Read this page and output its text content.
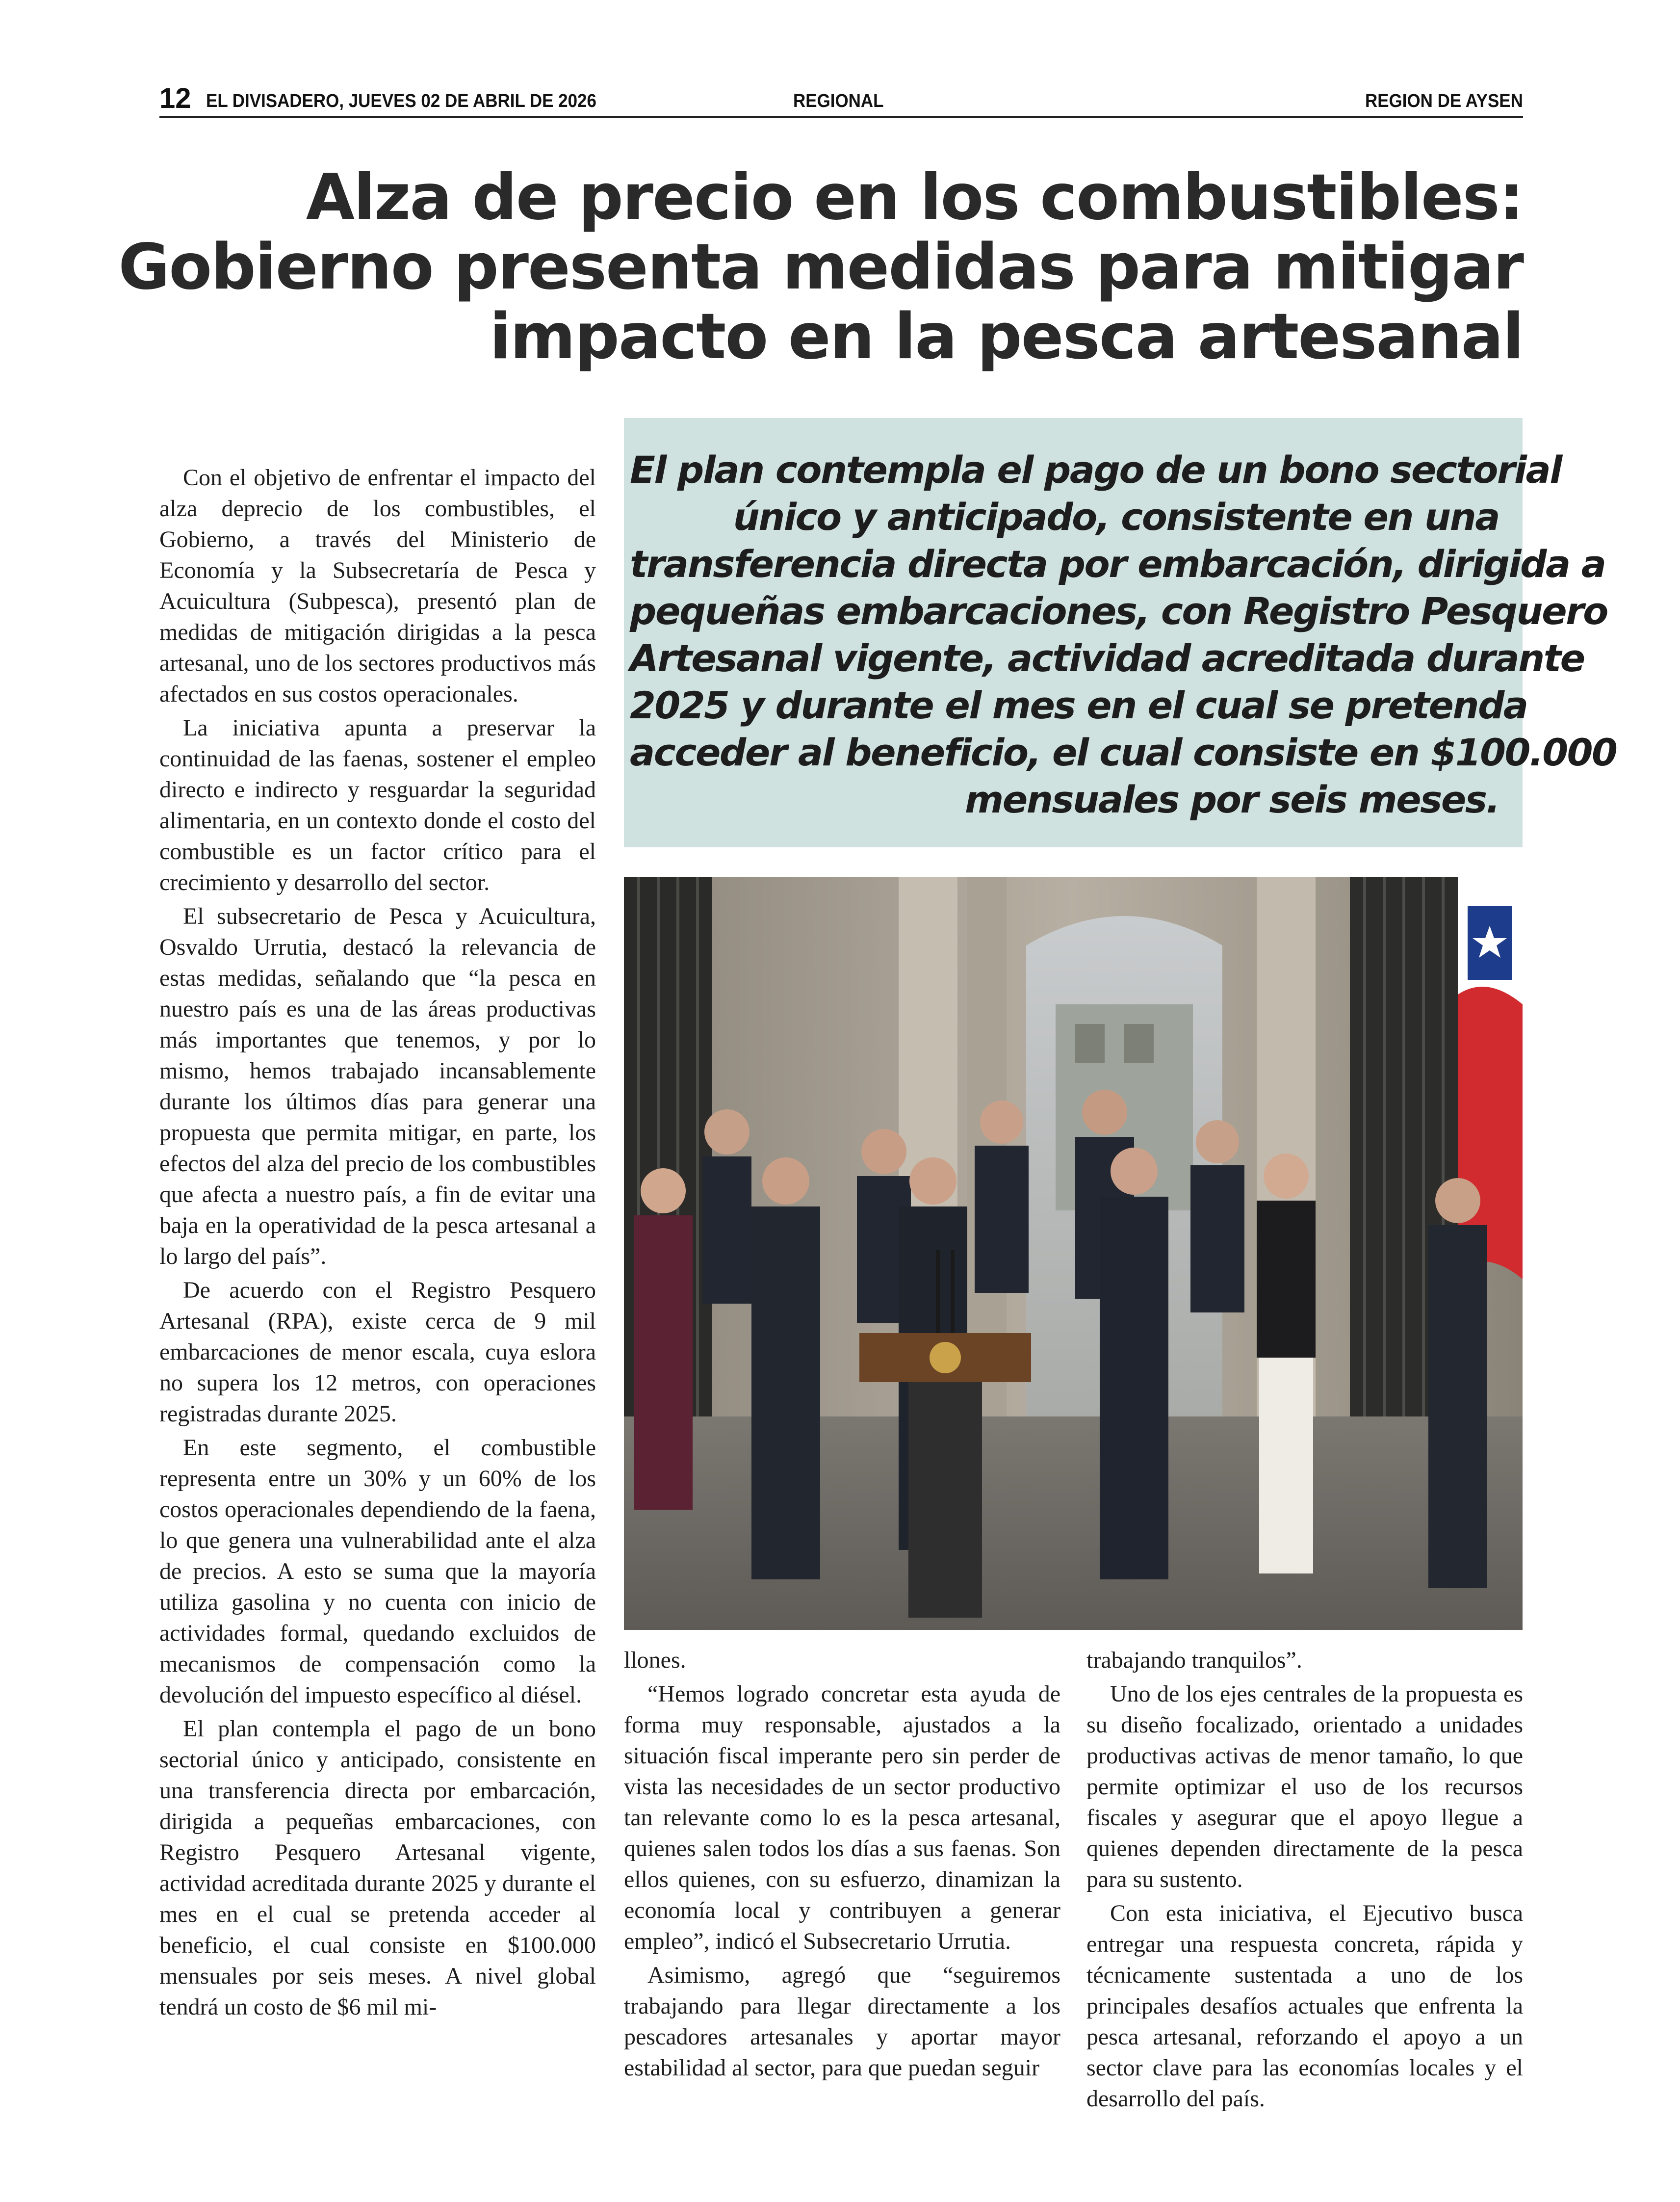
12 EL DIVISADERO, JUEVES 02 DE ABRIL DE 2026	REGIONAL	REGION DE AYSEN
Alza de precio en los combustibles:
Gobierno presenta medidas para mitigar
impacto en la pesca artesanal

El plan contempla el pago de un bono sectorial
único y anticipado, consistente en una
transferencia directa por embarcación, dirigida a
pequeñas embarcaciones, con Registro Pesquero
Artesanal vigente, actividad acreditada durante
2025 y durante el mes en el cual se pretenda
acceder al beneficio, el cual consiste en $100.000
mensuales por seis meses.

Con el objetivo de enfrentar el impacto del alza deprecio de los combustibles, el Gobierno, a través del Ministerio de Economía y la Subsecretaría de Pesca y Acuicultura (Subpesca), presentó plan de medidas de mitigación dirigidas a la pesca artesanal, uno de los sectores productivos más afectados en sus costos operacionales.

La iniciativa apunta a preservar la continuidad de las faenas, sostener el empleo directo e indirecto y resguardar la seguridad alimentaria, en un contexto donde el costo del combustible es un factor crítico para el crecimiento y desarrollo del sector.

El subsecretario de Pesca y Acuicultura, Osvaldo Urrutia, destacó la relevancia de estas medidas, señalando que “la pesca en nuestro país es una de las áreas productivas más importantes que tenemos, y por lo mismo, hemos trabajado incansablemente durante los últimos días para generar una propuesta que permita mitigar, en parte, los efectos del alza del precio de los combustibles que afecta a nuestro país, a fin de evitar una baja en la operatividad de la pesca artesanal a lo largo del país”.

De acuerdo con el Registro Pesquero Artesanal (RPA), existe cerca de 9 mil embarcaciones de menor escala, cuya eslora no supera los 12 metros, con operaciones registradas durante 2025.

En este segmento, el combustible representa entre un 30% y un 60% de los costos operacionales dependiendo de la faena, lo que genera una vulnerabilidad ante el alza de precios. A esto se suma que la mayoría utiliza gasolina y no cuenta con inicio de actividades formal, quedando excluidos de mecanismos de compensación como la devolución del impuesto específico al diésel.

El plan contempla el pago de un bono sectorial único y anticipado, consistente en una transferencia directa por embarcación, dirigida a pequeñas embarcaciones, con Registro Pesquero Artesanal vigente, actividad acreditada durante 2025 y durante el mes en el cual se pretenda acceder al beneficio, el cual consiste en $100.000 mensuales por seis meses. A nivel global tendrá un costo de $6 mil mi-

llones.

“Hemos logrado concretar esta ayuda de forma muy responsable, ajustados a la situación fiscal imperante pero sin perder de vista las necesidades de un sector productivo tan relevante como lo es la pesca artesanal, quienes salen todos los días a sus faenas. Son ellos quienes, con su esfuerzo, dinamizan la economía local y contribuyen a generar empleo”, indicó el Subsecretario Urrutia.

Asimismo, agregó que “seguiremos trabajando para llegar directamente a los pescadores artesanales y aportar mayor estabilidad al sector, para que puedan seguir

trabajando tranquilos”.

Uno de los ejes centrales de la propuesta es su diseño focalizado, orientado a unidades productivas activas de menor tamaño, lo que permite optimizar el uso de los recursos fiscales y asegurar que el apoyo llegue a quienes dependen directamente de la pesca para su sustento.

Con esta iniciativa, el Ejecutivo busca entregar una respuesta concreta, rápida y técnicamente sustentada a uno de los principales desafíos actuales que enfrenta la pesca artesanal, reforzando el apoyo a un sector clave para las economías locales y el desarrollo del país.
